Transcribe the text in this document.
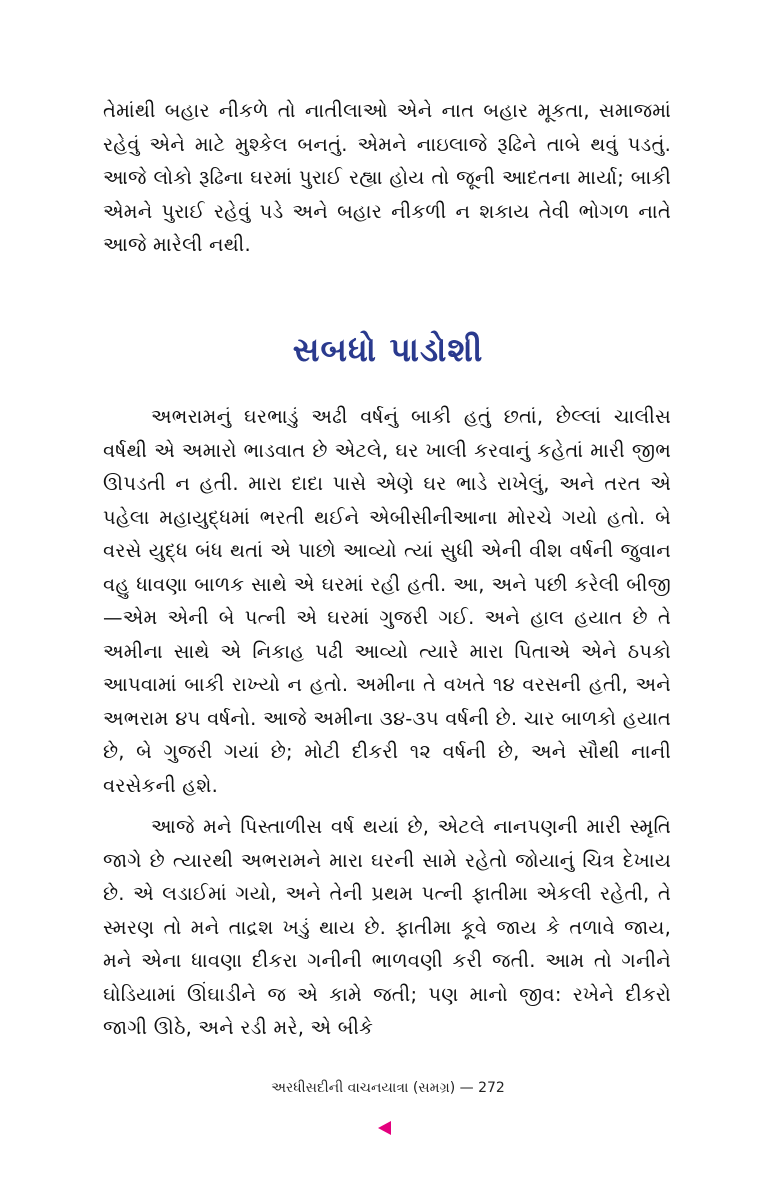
તેમાંથી બહાર નીકળે તો નાતીલાઓ એને નાત બહાર મૂકતા, સમાજમાં રહેવું એને માટે મુશ્કેલ બનતું. એમને નાઇલાજે રૂઢિને તાબે થવું પડતું. આજે લોકો રૂઢિના ઘરમાં પુરાઈ રહ્યા હોય તો જૂની આદતના માર્યા; બાકી એમને પુરાઈ રહેવું પડે અને બહાર નીકળી ન શકાય તેવી ભોગળ નાતે આજે મારેલી નથી.

સબધો પાડોશી

અભરામનું ઘરભાડું અઢી વર્ષનું બાકી હતું છતાં, છેલ્લાં ચાલીસ વર્ષથી એ અમારો ભાડવાત છે એટલે, ઘર ખાલી કરવાનું કહેતાં મારી જીભ ઊપડતી ન હતી. મારા દાદા પાસે એણે ઘર ભાડે રાખેલું, અને તરત એ પહેલા મહાયુદ્ધમાં ભરતી થઈને એબીસીનીઆના મોરચે ગયો હતો. બે વરસે યુદ્ધ બંધ થતાં એ પાછો આવ્યો ત્યાં સુધી એની વીશ વર્ષની જુવાન વહુ ધાવણા બાળક સાથે એ ઘરમાં રહી હતી. આ, અને પછી કરેલી બીજી—એમ એની બે પત્ની એ ઘરમાં ગુજરી ગઈ. અને હાલ હયાત છે તે અમીના સાથે એ નિકાહ પઢી આવ્યો ત્યારે મારા પિતાએ એને ઠપકો આપવામાં બાકી રાખ્યો ન હતો. અમીના તે વખતે ૧૪ વરસની હતી, અને અભરામ ૪૫ વર્ષનો. આજે અમીના ૩૪-૩૫ વર્ષની છે. ચાર બાળકો હયાત છે, બે ગુજરી ગયાં છે; મોટી દીકરી ૧૨ વર્ષની છે, અને સૌથી નાની વરસેકની હશે.

આજે મને પિસ્તાળીસ વર્ષ થયાં છે, એટલે નાનપણની મારી સ્મૃતિ જાગે છે ત્યારથી અભરામને મારા ઘરની સામે રહેતો જોયાનું ચિત્ર દેખાય છે. એ લડાઈમાં ગયો, અને તેની પ્રથમ પત્ની ફાતીમા એકલી રહેતી, તે સ્મરણ તો મને તાદ્રશ ખડું થાય છે. ફાતીમા કૂવે જાય કે તળાવે જાય, મને એના ધાવણા દીકરા ગનીની ભાળવણી કરી જતી. આમ તો ગનીને ઘોડિયામાં ઊંઘાડીને જ એ કામે જતી; પણ માનો જીવ: રખેને દીકરો જાગી ઊઠે, અને રડી મરે, એ બીકે

અરધીસદીની વાચનયાત્રા (સમગ્ર) — 272
